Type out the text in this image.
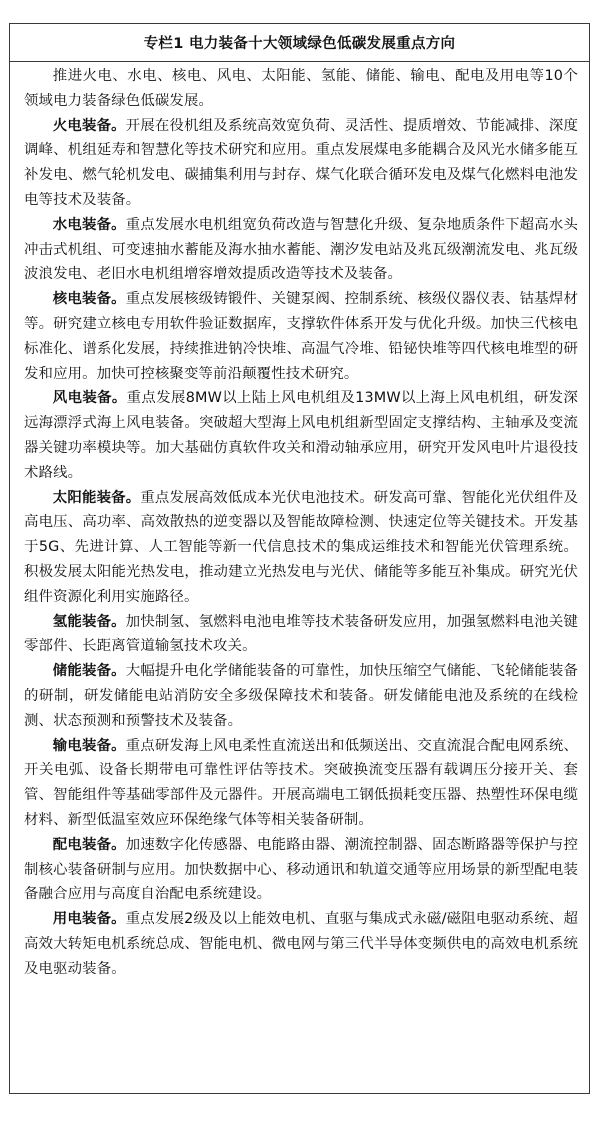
专栏1 电力装备十大领域绿色低碳发展重点方向

推进火电、水电、核电、风电、太阳能、氢能、储能、输电、配电及用电等10个领域电力装备绿色低碳发展。

火电装备。开展在役机组及系统高效宽负荷、灵活性、提质增效、节能减排、深度调峰、机组延寿和智慧化等技术研究和应用。重点发展煤电多能耦合及风光水储多能互补发电、燃气轮机发电、碳捕集利用与封存、煤气化联合循环发电及煤气化燃料电池发电等技术及装备。

水电装备。重点发展水电机组宽负荷改造与智慧化升级、复杂地质条件下超高水头冲击式机组、可变速抽水蓄能及海水抽水蓄能、潮汐发电站及兆瓦级潮流发电、兆瓦级波浪发电、老旧水电机组增容增效提质改造等技术及装备。

核电装备。重点发展核级铸锻件、关键泵阀、控制系统、核级仪器仪表、钴基焊材等。研究建立核电专用软件验证数据库，支撑软件体系开发与优化升级。加快三代核电标准化、谱系化发展，持续推进钠冷快堆、高温气冷堆、铅铋快堆等四代核电堆型的研发和应用。加快可控核聚变等前沿颠覆性技术研究。

风电装备。重点发展8MW以上陆上风电机组及13MW以上海上风电机组，研发深远海漂浮式海上风电装备。突破超大型海上风电机组新型固定支撑结构、主轴承及变流器关键功率模块等。加大基础仿真软件攻关和滑动轴承应用，研究开发风电叶片退役技术路线。

太阳能装备。重点发展高效低成本光伏电池技术。研发高可靠、智能化光伏组件及高电压、高功率、高效散热的逆变器以及智能故障检测、快速定位等关键技术。开发基于5G、先进计算、人工智能等新一代信息技术的集成运维技术和智能光伏管理系统。积极发展太阳能光热发电，推动建立光热发电与光伏、储能等多能互补集成。研究光伏组件资源化利用实施路径。

氢能装备。加快制氢、氢燃料电池电堆等技术装备研发应用，加强氢燃料电池关键零部件、长距离管道输氢技术攻关。

储能装备。大幅提升电化学储能装备的可靠性，加快压缩空气储能、飞轮储能装备的研制，研发储能电站消防安全多级保障技术和装备。研发储能电池及系统的在线检测、状态预测和预警技术及装备。

输电装备。重点研发海上风电柔性直流送出和低频送出、交直流混合配电网系统、开关电弧、设备长期带电可靠性评估等技术。突破换流变压器有载调压分接开关、套管、智能组件等基础零部件及元器件。开展高端电工钢低损耗变压器、热塑性环保电缆材料、新型低温室效应环保绝缘气体等相关装备研制。

配电装备。加速数字化传感器、电能路由器、潮流控制器、固态断路器等保护与控制核心装备研制与应用。加快数据中心、移动通讯和轨道交通等应用场景的新型配电装备融合应用与高度自治配电系统建设。

用电装备。重点发展2级及以上能效电机、直驱与集成式永磁/磁阻电驱动系统、超高效大转矩电机系统总成、智能电机、微电网与第三代半导体变频供电的高效电机系统及电驱动装备。
